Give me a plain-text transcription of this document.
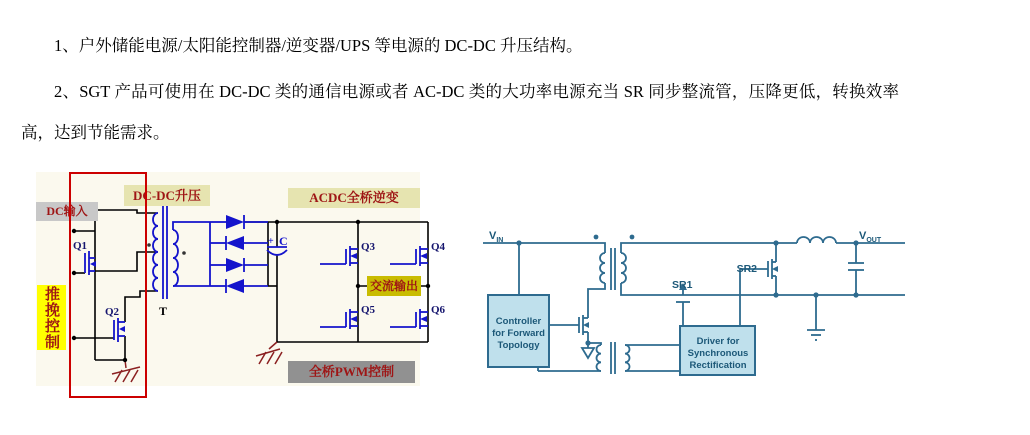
1、户外储能电源/太阳能控制器/逆变器/UPS 等电源的 DC-DC 升压结构。

2、SGT 产品可使用在 DC-DC 类的通信电源或者 AC-DC 类的大功率电源充当 SR 同步整流管，压降更低，转换效率高，达到节能需求。

Q1
Q2
Q3	Q4
Q5	Q6
T
+ C
DC输入
DC-DC升压	ACDC全桥逆变
推挽控制	交流输出
全桥PWM控制
$V_{IN}$	$V_{OUT}$
SR1
SR2
Controller for Forward Topology	Driver for Synchronous Rectification
